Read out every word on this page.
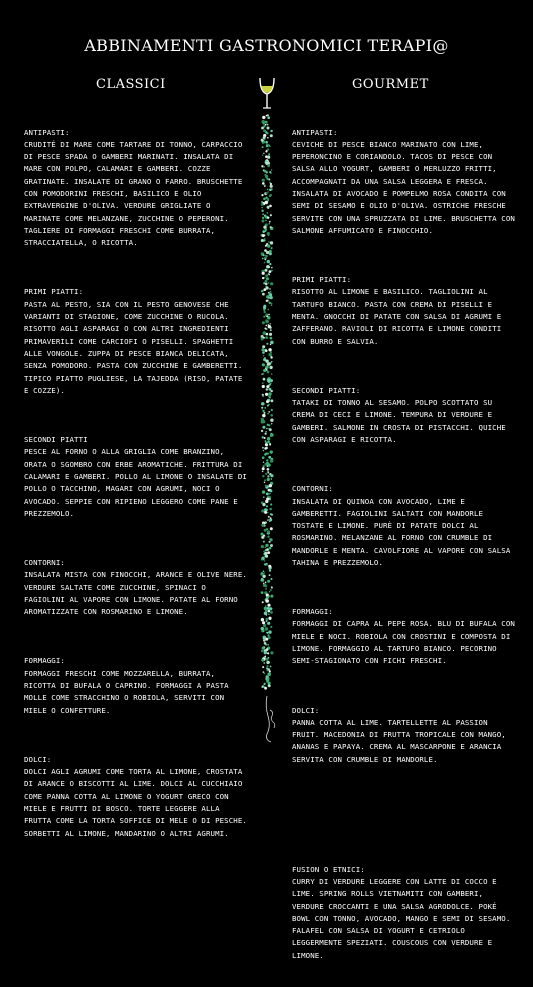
ABBINAMENTI GASTRONOMICI TERAPI@
CLASSICI	GOURMET

ANTIPASTI:
CRUDITÉ DI MARE COME TARTARE DI TONNO, CARPACCIO DI PESCE SPADA O GAMBERI MARINATI. INSALATA DI MARE CON POLPO, CALAMARI E GAMBERI. COZZE GRATINATE. INSALATE DI GRANO O FARRO. BRUSCHETTE CON POMODORINI FRESCHI, BASILICO E OLIO EXTRAVERGINE D'OLIVA. VERDURE GRIGLIATE O MARINATE COME MELANZANE, ZUCCHINE O PEPERONI. TAGLIERE DI FORMAGGI FRESCHI COME BURRATA, STRACCIATELLA, O RICOTTA.

PRIMI PIATTI:
PASTA AL PESTO, SIA CON IL PESTO GENOVESE CHE VARIANTI DI STAGIONE, COME ZUCCHINE O RUCOLA. RISOTTO AGLI ASPARAGI O CON ALTRI INGREDIENTI PRIMAVERILI COME CARCIOFI O PISELLI. SPAGHETTI ALLE VONGOLE. ZUPPA DI PESCE BIANCA DELICATA, SENZA POMODORO. PASTA CON ZUCCHINE E GAMBERETTI. TIPICO PIATTO PUGLIESE, LA TAJEDDA (RISO, PATATE E COZZE).

SECONDI PIATTI
PESCE AL FORNO O ALLA GRIGLIA COME BRANZINO, ORATA O SGOMBRO CON ERBE AROMATICHE. FRITTURA DI CALAMARI E GAMBERI. POLLO AL LIMONE O INSALATE DI POLLO O TACCHINO, MAGARI CON AGRUMI, NOCI O AVOCADO. SEPPIE CON RIPIENO LEGGERO COME PANE E PREZZEMOLO.

CONTORNI:
INSALATA MISTA CON FINOCCHI, ARANCE E OLIVE NERE. VERDURE SALTATE COME ZUCCHINE, SPINACI O FAGIOLINI AL VAPORE CON LIMONE. PATATE AL FORNO AROMATIZZATE CON ROSMARINO E LIMONE.

FORMAGGI:
FORMAGGI FRESCHI COME MOZZARELLA, BURRATA, RICOTTA DI BUFALA O CAPRINO. FORMAGGI A PASTA MOLLE COME STRACCHINO O ROBIOLA, SERVITI CON MIELE O CONFETTURE.

DOLCI:
DOLCI AGLI AGRUMI COME TORTA AL LIMONE, CROSTATA DI ARANCE O BISCOTTI AL LIME. DOLCI AL CUCCHIAIO COME PANNA COTTA AL LIMONE O YOGURT GRECO CON MIELE E FRUTTI DI BOSCO. TORTE LEGGERE ALLA FRUTTA COME LA TORTA SOFFICE DI MELE O DI PESCHE. SORBETTI AL LIMONE, MANDARINO O ALTRI AGRUMI.

ANTIPASTI:
CEVICHE DI PESCE BIANCO MARINATO CON LIME, PEPERONCINO E CORIANDOLO. TACOS DI PESCE CON SALSA ALLO YOGURT, GAMBERI O MERLUZZO FRITTI, ACCOMPAGNATI DA UNA SALSA LEGGERA E FRESCA. INSALATA DI AVOCADO E POMPELMO ROSA CONDITA CON SEMI DI SESAMO E OLIO D'OLIVA. OSTRICHE FRESCHE SERVITE CON UNA SPRUZZATA DI LIME. BRUSCHETTA CON SALMONE AFFUMICATO E FINOCCHIO.

PRIMI PIATTI:
RISOTTO AL LIMONE E BASILICO. TAGLIOLINI AL TARTUFO BIANCO. PASTA CON CREMA DI PISELLI E MENTA. GNOCCHI DI PATATE CON SALSA DI AGRUMI E ZAFFERANO. RAVIOLI DI RICOTTA E LIMONE CONDITI CON BURRO E SALVIA.

SECONDI PIATTI:
TATAKI DI TONNO AL SESAMO. POLPO SCOTTATO SU CREMA DI CECI E LIMONE. TEMPURA DI VERDURE E GAMBERI. SALMONE IN CROSTA DI PISTACCHI. QUICHE CON ASPARAGI E RICOTTA.

CONTORNI:
INSALATA DI QUINOA CON AVOCADO, LIME E GAMBERETTI. FAGIOLINI SALTATI CON MANDORLE TOSTATE E LIMONE. PURÈ DI PATATE DOLCI AL ROSMARINO. MELANZANE AL FORNO CON CRUMBLE DI MANDORLE E MENTA. CAVOLFIORE AL VAPORE CON SALSA TAHINA E PREZZEMOLO.

FORMAGGI:
FORMAGGI DI CAPRA AL PEPE ROSA. BLU DI BUFALA CON MIELE E NOCI. ROBIOLA CON CROSTINI E COMPOSTA DI LIMONE. FORMAGGIO AL TARTUFO BIANCO. PECORINO SEMI-STAGIONATO CON FICHI FRESCHI.

DOLCI:
PANNA COTTA AL LIME. TARTELLETTE AL PASSION FRUIT. MACEDONIA DI FRUTTA TROPICALE CON MANGO, ANANAS E PAPAYA. CREMA AL MASCARPONE E ARANCIA SERVITA CON CRUMBLE DI MANDORLE.

FUSION O ETNICI:
CURRY DI VERDURE LEGGERE CON LATTE DI COCCO E LIME. SPRING ROLLS VIETNAMITI CON GAMBERI, VERDURE CROCCANTI E UNA SALSA AGRODOLCE. POKÉ BOWL CON TONNO, AVOCADO, MANGO E SEMI DI SESAMO. FALAFEL CON SALSA DI YOGURT E CETRIOLO LEGGERMENTE SPEZIATI. COUSCOUS CON VERDURE E LIMONE.
